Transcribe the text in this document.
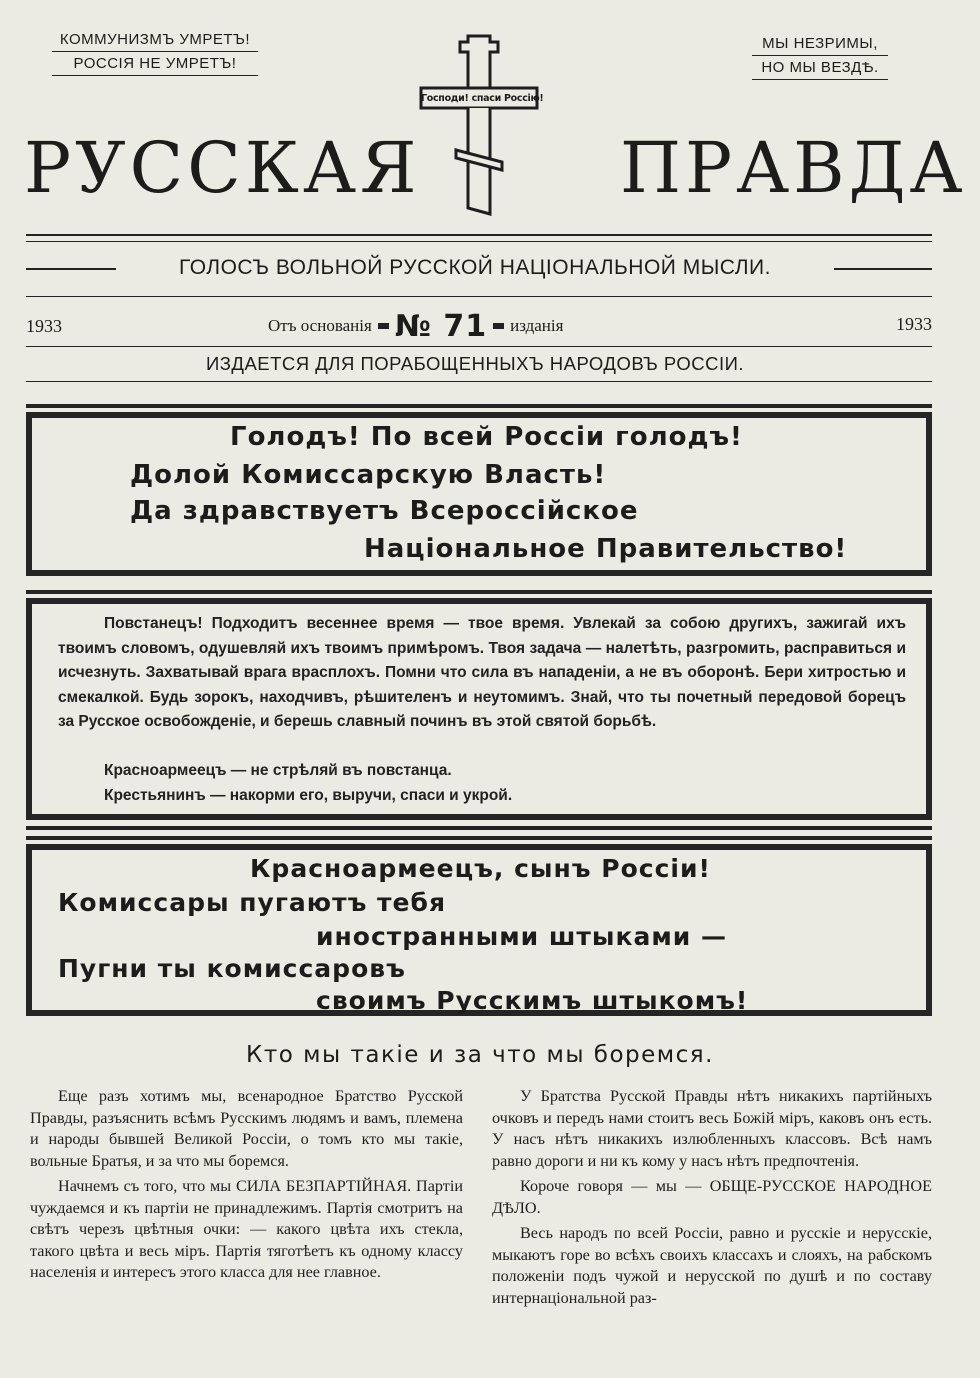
КОММУНИЗМЪ УМРЕТЪ!
РОССІЯ НЕ УМРЕТЪ!
МЫ НЕЗРИМЫ,
НО МЫ ВЕЗДѢ.
Господи! спаси Россію!
РУССКАЯ	ПРАВДА
ГОЛОСЪ ВОЛЬНОЙ РУССКОЙ НАЦІОНАЛЬНОЙ МЫСЛИ.
1933	1933
Отъ основанія № 71 изданія
ИЗДАЕТСЯ ДЛЯ ПОРАБОЩЕННЫХЪ НАРОДОВЪ РОССІИ.
Голодъ! По всей Россіи голодъ!
Долой Комиссарскую Власть!
Да здравствуетъ Всероссійское
Національное Правительство!
Повстанецъ! Подходитъ весеннее время — твое время. Увлекай за собою другихъ, зажигай ихъ твоимъ словомъ, одушевляй ихъ твоимъ примѣромъ. Твоя задача — налетѣть, разгромить, расправиться и исчезнуть. Захватывай врага врасплохъ. Помни что сила въ нападеніи, а не въ оборонѣ. Бери хитростью и смекалкой. Будь зорокъ, находчивъ, рѣшителенъ и неутомимъ. Знай, что ты почетный передовой борецъ за Русское освобожденіе, и берешь славный починъ въ этой святой борьбѣ.
Красноармеецъ — не стрѣляй въ повстанца.
Крестьянинъ — накорми его, выручи, спаси и укрой.
Красноармеецъ, сынъ Россіи!
Комиссары пугаютъ тебя
иностранными штыками —
Пугни ты комиссаровъ
своимъ Русскимъ штыкомъ!
Кто мы такіе и за что мы боремся.

Еще разъ хотимъ мы, всенародное Братство Русской Правды, разъяснить всѣмъ Русскимъ людямъ и вамъ, племена и народы бывшей Великой Россіи, о томъ кто мы такіе, вольные Братья, и за что мы боремся.

Начнемъ съ того, что мы СИЛА БЕЗПАРТІЙНАЯ. Партіи чуждаемся и къ партіи не принадлежимъ. Партія смотритъ на свѣтъ черезъ цвѣтныя очки: — какого цвѣта ихъ стекла, такого цвѣта и весь міръ. Партія тяготѣетъ къ одному классу населенія и интересъ этого класса для нее главное.

У Братства Русской Правды нѣтъ никакихъ партійныхъ очковъ и передъ нами стоитъ весь Божій міръ, каковъ онъ есть. У насъ нѣтъ никакихъ излюбленныхъ классовъ. Всѣ намъ равно дороги и ни къ кому у насъ нѣтъ предпочтенія.

Короче говоря — мы — ОБЩЕ-РУССКОЕ НАРОДНОЕ ДѢЛО.

Весь народъ по всей Россіи, равно и русскіе и нерусскіе, мыкаютъ горе во всѣхъ своихъ классахъ и слояхъ, на рабскомъ положеніи подъ чужой и нерусской по душѣ и по составу интернаціональной раз-
